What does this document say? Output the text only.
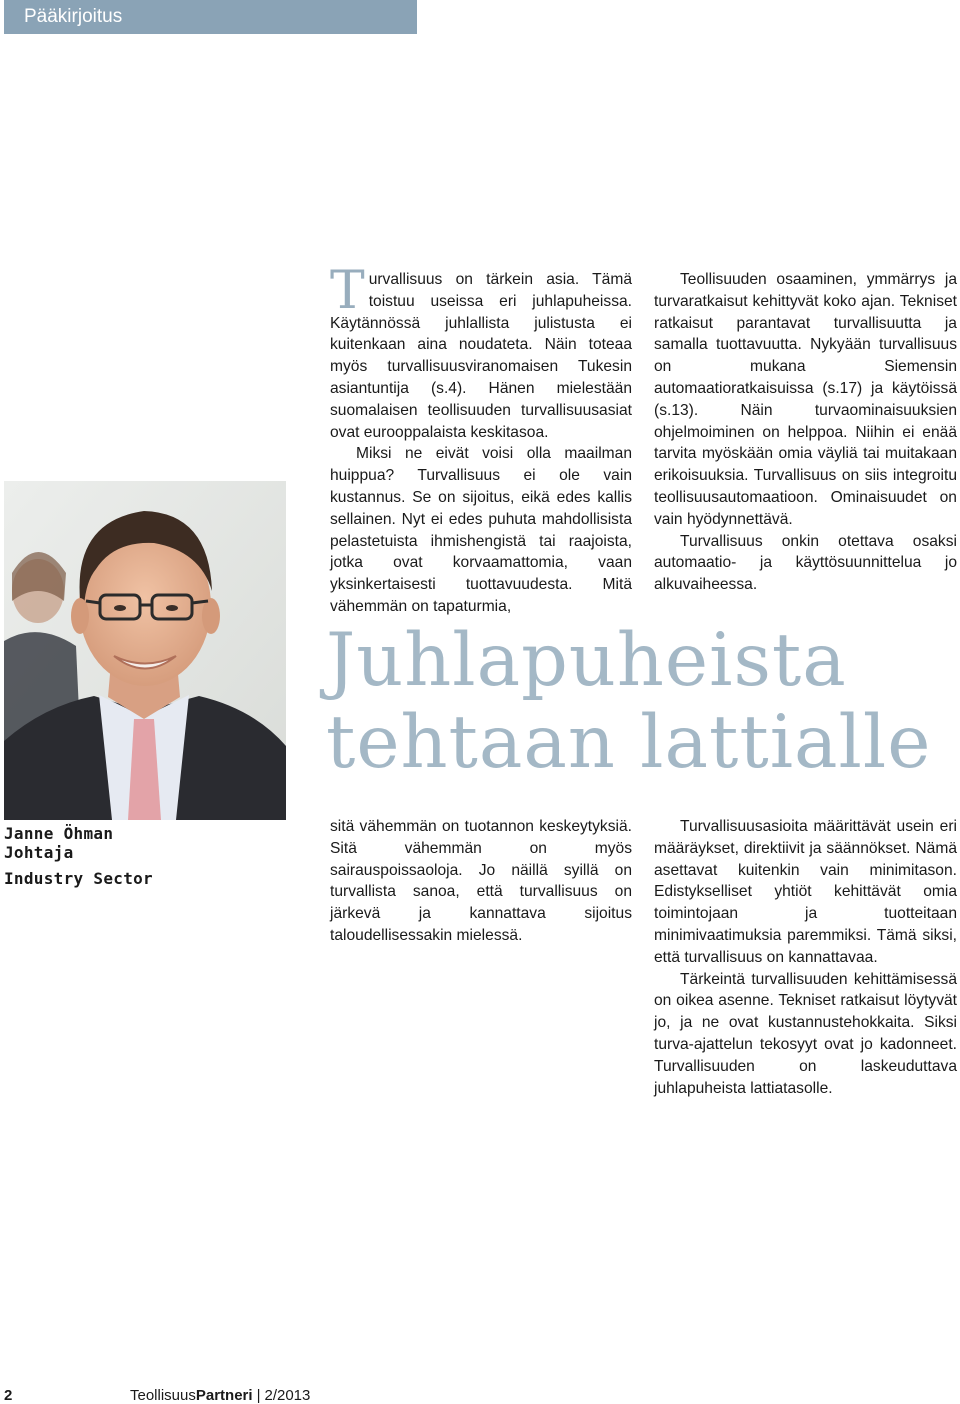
Pääkirjoitus

Turvallisuus on tärkein asia. Tämä toistuu useissa eri juhlapuheissa. Käytännössä juhlallista julistusta ei kuitenkaan aina noudateta. Näin toteaa myös turvallisuusviranomaisen Tukesin asiantuntija (s.4). Hänen mielestään suomalaisen teollisuuden turvallisuusasiat ovat eurooppalaista keskitasoa.

Miksi ne eivät voisi olla maailman huippua? Turvallisuus ei ole vain kustannus. Se on sijoitus, eikä edes kallis sellainen. Nyt ei edes puhuta mahdollisista pelastetuista ihmishengistä tai raajoista, jotka ovat korvaamattomia, vaan yksinkertaisesti tuottavuudesta. Mitä vähemmän on tapaturmia,

Teollisuuden osaaminen, ymmärrys ja turvaratkaisut kehittyvät koko ajan. Tekniset ratkaisut parantavat turvallisuutta ja samalla tuottavuutta. Nykyään turvallisuus on mukana Siemensin automaatioratkaisuissa (s.17) ja käytöissä (s.13). Näin turvaominaisuuksien ohjelmoiminen on helppoa. Niihin ei enää tarvita myöskään omia väyliä tai muitakaan erikoisuuksia. Turvallisuus on siis integroitu teollisuusautomaatioon. Ominaisuudet on vain hyödynnettävä.

Turvallisuus onkin otettava osaksi automaatio- ja käyttösuunnittelua jo alkuvaiheessa.

Juhlapuheista
tehtaan lattialle
Janne Öhman
Johtaja
Industry Sector

sitä vähemmän on tuotannon keskeytyksiä. Sitä vähemmän on myös sairauspoissaoloja. Jo näillä syillä on turvallista sanoa, että turvallisuus on järkevä ja kannattava sijoitus taloudellisessakin mielessä.

Turvallisuusasioita määrittävät usein eri määräykset, direktiivit ja säännökset. Nämä asettavat kuitenkin vain minimitason. Edistykselliset yhtiöt kehittävät omia toimintojaan ja tuotteitaan minimivaatimuksia paremmiksi. Tämä siksi, että turvallisuus on kannattavaa.

Tärkeintä turvallisuuden kehittämisessä on oikea asenne. Tekniset ratkaisut löytyvät jo, ja ne ovat kustannustehokkaita. Siksi turva-ajattelun tekosyyt ovat jo kadonneet. Turvallisuuden on laskeuduttava juhlapuheista lattiatasolle.

2	TeollisuusPartneri | 2/2013
